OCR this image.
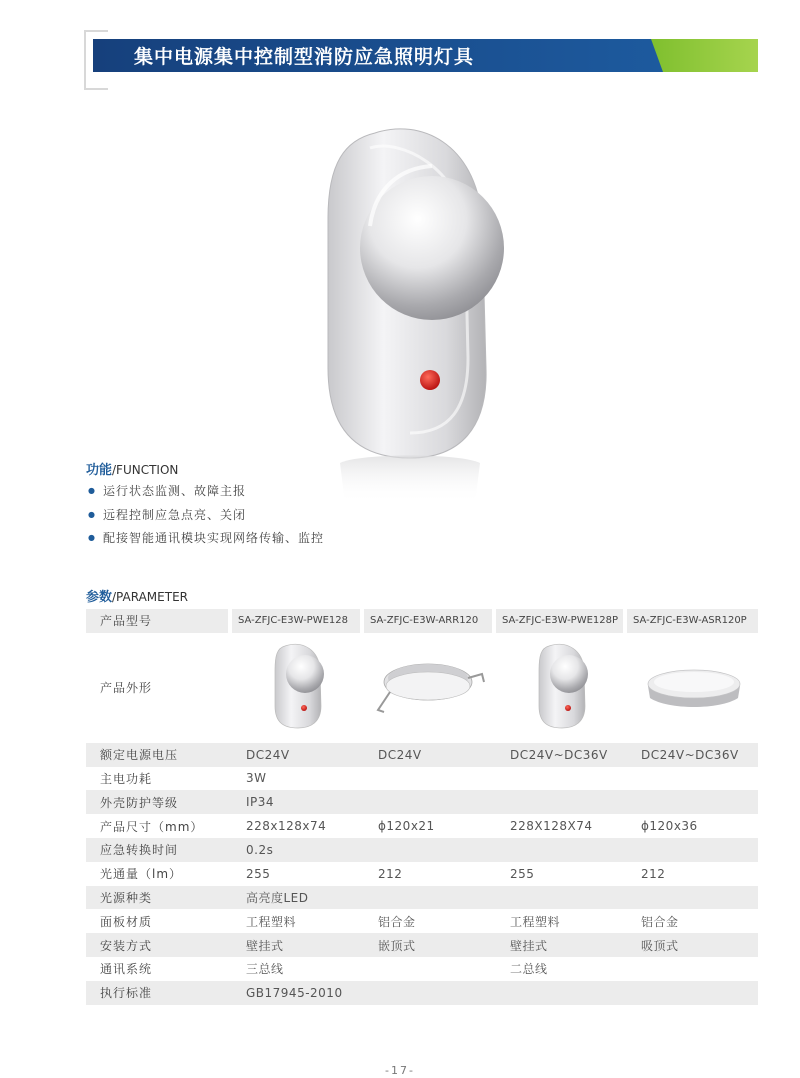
集中电源集中控制型消防应急照明灯具
功能/FUNCTION
● 运行状态监测、故障主报
● 远程控制应急点亮、关闭
● 配接智能通讯模块实现网络传输、监控
参数/PARAMETER
产品型号	SA-ZFJC-E3W-PWE128	SA-ZFJC-E3W-ARR120	SA-ZFJC-E3W-PWE128P	SA-ZFJC-E3W-ASR120P
产品外形				
额定电源电压	DC24V	DC24V	DC24V~DC36V	DC24V~DC36V
主电功耗	3W			
外壳防护等级	IP34			
产品尺寸（mm）	228x128x74	ϕ120x21	228X128X74	ϕ120x36
应急转换时间	0.2s			
光通量（lm）	255	212	255	212
光源种类	高亮度LED			
面板材质	工程塑料	铝合金	工程塑料	铝合金
安装方式	壁挂式	嵌顶式	壁挂式	吸顶式
通讯系统	三总线		二总线	
执行标准	GB17945-2010			
-17-
